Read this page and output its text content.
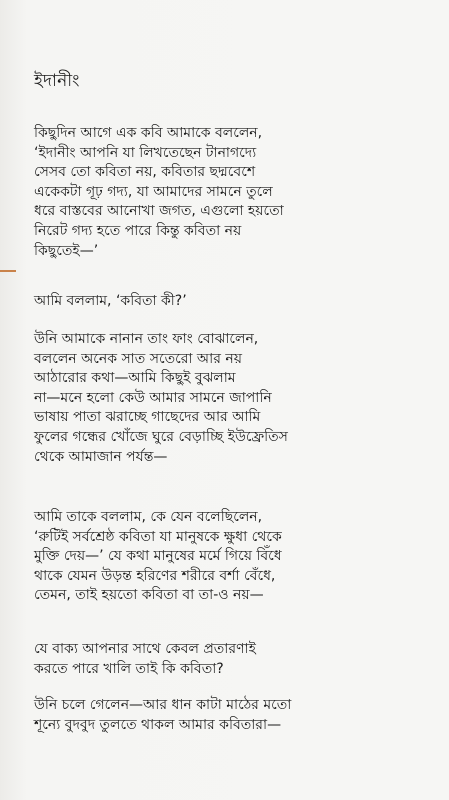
ইদানীং

কিছুদিন আগে এক কবি আমাকে বললেন,
‘ইদানীং আপনি যা লিখতেছেন টানাগদ্যে
সেসব তো কবিতা নয়, কবিতার ছদ্মবেশে
একেকটা গূঢ় গদ্য, যা আমাদের সামনে তুলে
ধরে বাস্তবের আনোখা জগত, এগুলো হয়তো
নিরেট গদ্য হতে পারে কিন্তু কবিতা নয়
কিছুতেই—’

আমি বললাম, ‘কবিতা কী?’

উনি আমাকে নানান তাং ফাং বোঝালেন,
বললেন অনেক সাত সতেরো আর নয়
আঠারোর কথা—আমি কিছুই বুঝলাম
না—মনে হলো কেউ আমার সামনে জাপানি
ভাষায় পাতা ঝরাচ্ছে গাছেদের আর আমি
ফুলের গন্ধের খোঁজে ঘুরে বেড়াচ্ছি ইউফ্রেতিস
থেকে আমাজান পর্যন্ত—

আমি তাকে বললাম, কে যেন বলেছিলেন,
‘রুটিই সর্বশ্রেষ্ঠ কবিতা যা মানুষকে ক্ষুধা থেকে
মুক্তি দেয়—’ যে কথা মানুষের মর্মে গিয়ে বিঁধে
থাকে যেমন উড়ন্ত হরিণের শরীরে বর্শা বেঁধে,
তেমন, তাই হয়তো কবিতা বা তা-ও নয়—

যে বাক্য আপনার সাথে কেবল প্রতারণাই
করতে পারে খালি তাই কি কবিতা?

উনি চলে গেলেন—আর ধান কাটা মাঠের মতো
শূন্যে বুদবুদ তুলতে থাকল আমার কবিতারা—
